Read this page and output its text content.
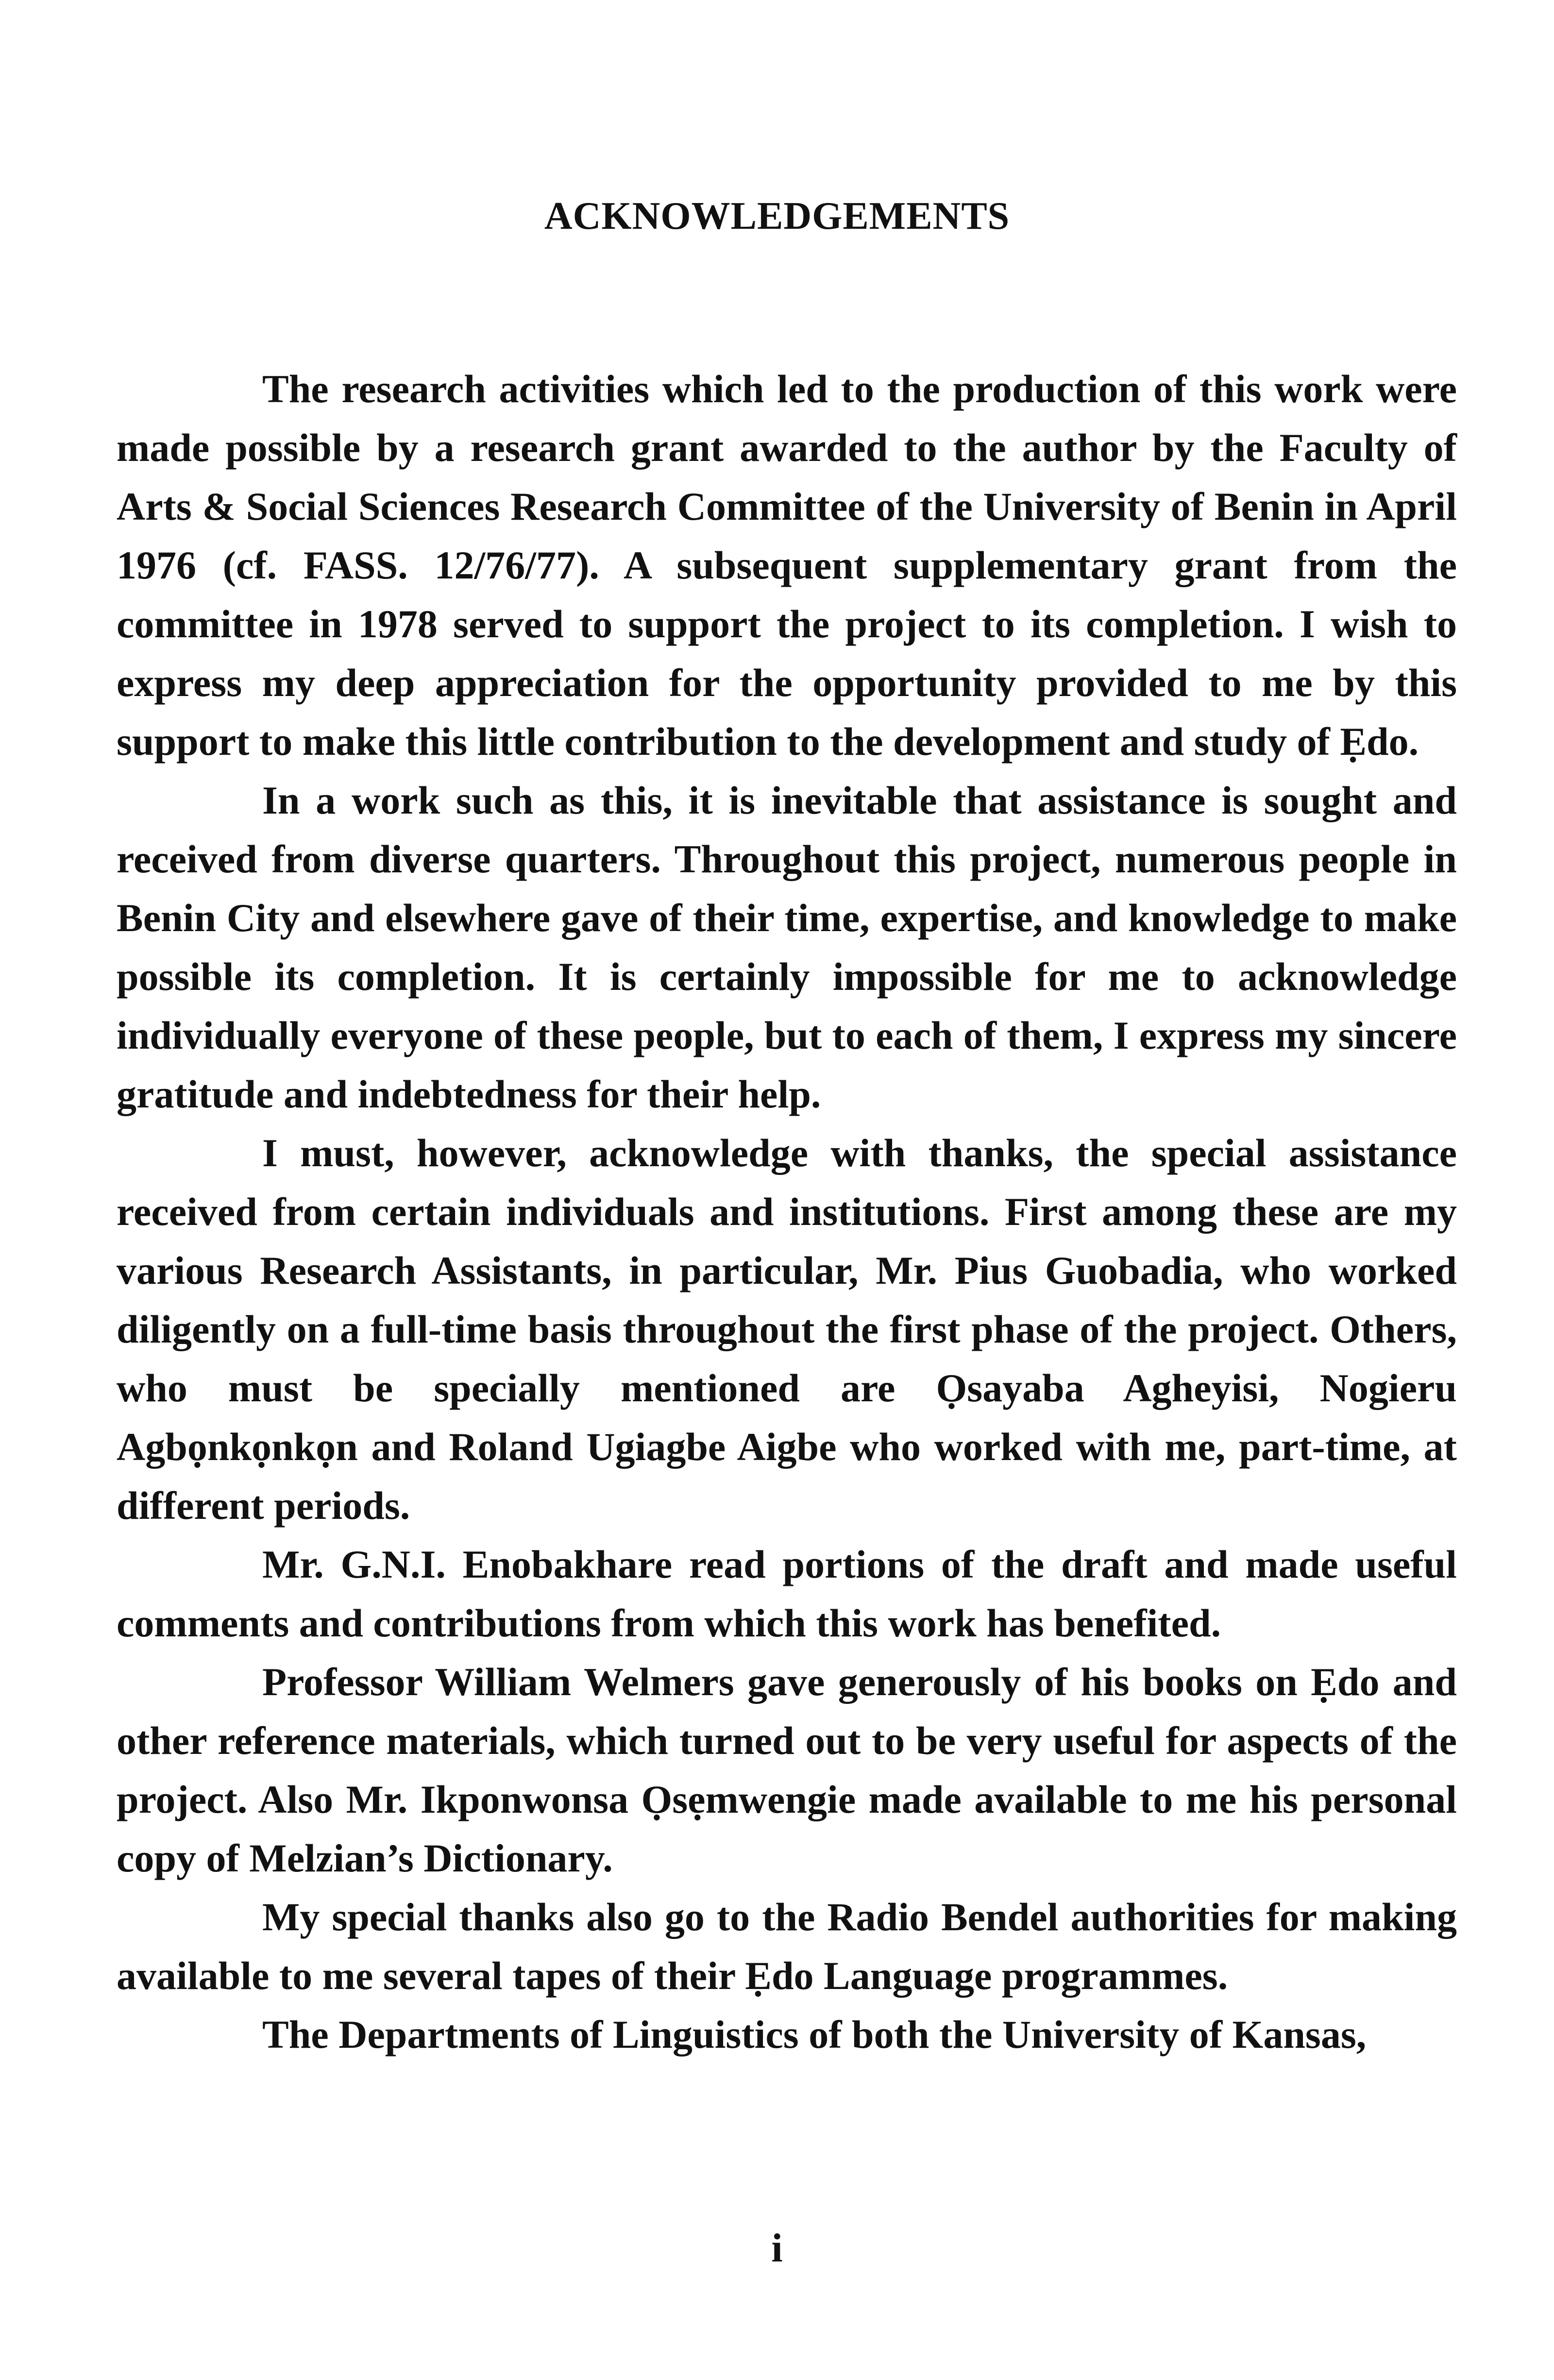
ACKNOWLEDGEMENTS

The research activities which led to the production of this work were made possible by a research grant awarded to the author by the Faculty of Arts & Social Sciences Research Committee of the University of Benin in April 1976 (cf. FASS. 12/76/77). A subsequent supplementary grant from the committee in 1978 served to support the project to its completion. I wish to express my deep appreciation for the opportunity provided to me by this support to make this little contribution to the development and study of Ẹdo.

In a work such as this, it is inevitable that assistance is sought and received from diverse quarters. Throughout this project, numerous people in Benin City and elsewhere gave of their time, expertise, and knowledge to make possible its completion. It is certainly impossible for me to acknowledge individually everyone of these people, but to each of them, I express my sincere gratitude and indebtedness for their help.

I must, however, acknowledge with thanks, the special assistance received from certain individuals and institutions. First among these are my various Research Assistants, in particular, Mr. Pius Guobadia, who worked diligently on a full-time basis throughout the first phase of the project. Others, who must be specially mentioned are Ọsayaba Agheyisi, Nogieru Agbọnkọnkọn and Roland Ugiagbe Aigbe who worked with me, part-time, at different periods.

Mr. G.N.I. Enobakhare read portions of the draft and made useful comments and contributions from which this work has benefited.

Professor William Welmers gave generously of his books on Ẹdo and other reference materials, which turned out to be very useful for aspects of the project. Also Mr. Ikponwonsa Ọsẹmwengie made available to me his personal copy of Melzian’s Dictionary.

My special thanks also go to the Radio Bendel authorities for making available to me several tapes of their Ẹdo Language programmes.

The Departments of Linguistics of both the University of Kansas,

i
